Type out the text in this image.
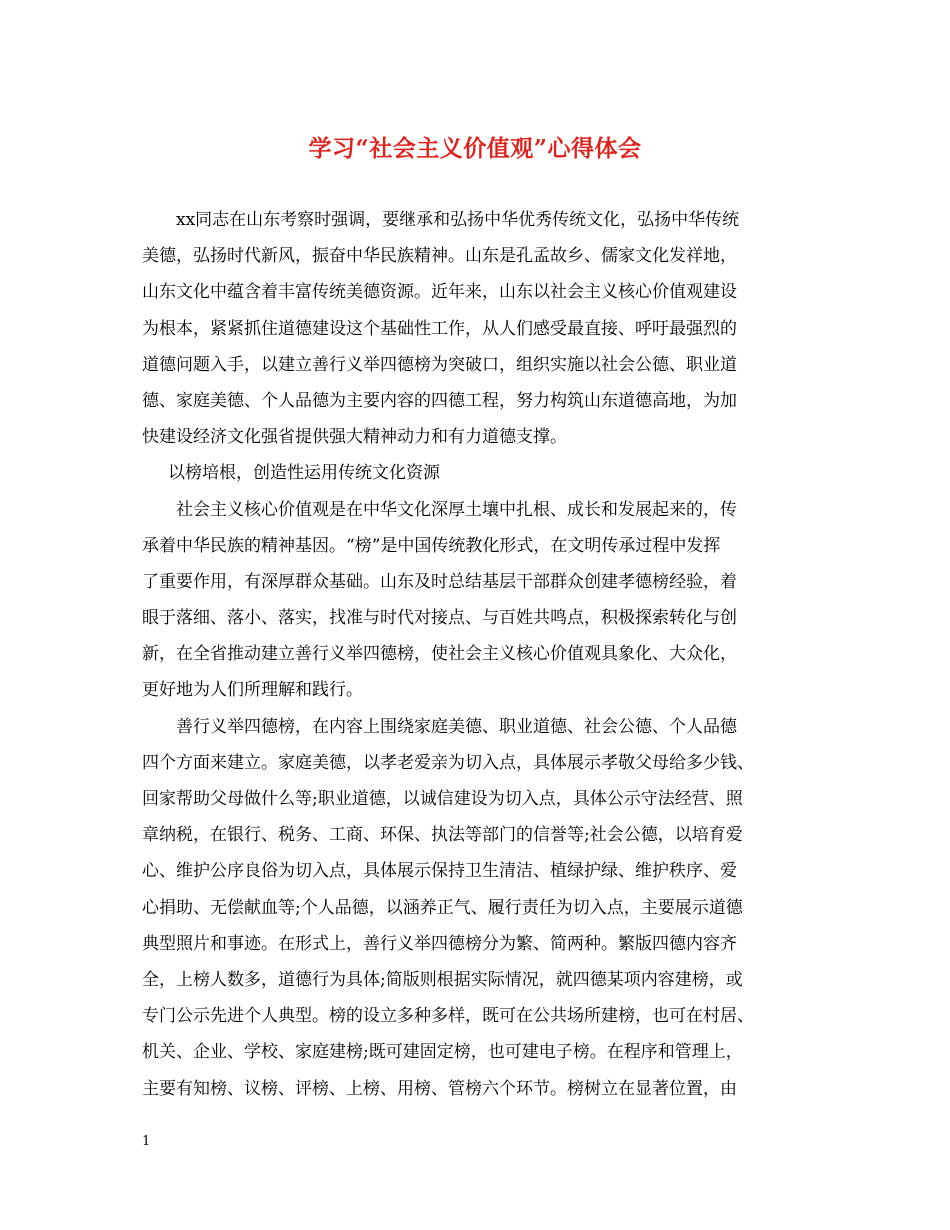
学习“社会主义价值观”心得体会
xx同志在山东考察时强调，要继承和弘扬中华优秀传统文化，弘扬中华传统
美德，弘扬时代新风，振奋中华民族精神。山东是孔孟故乡、儒家文化发祥地，
山东文化中蕴含着丰富传统美德资源。近年来，山东以社会主义核心价值观建设
为根本，紧紧抓住道德建设这个基础性工作，从人们感受最直接、呼吁最强烈的
道德问题入手，以建立善行义举四德榜为突破口，组织实施以社会公德、职业道
德、家庭美德、个人品德为主要内容的四德工程，努力构筑山东道德高地，为加
快建设经济文化强省提供强大精神动力和有力道德支撑。
以榜培根，创造性运用传统文化资源
社会主义核心价值观是在中华文化深厚土壤中扎根、成长和发展起来的，传
承着中华民族的精神基因。“榜”是中国传统教化形式，在文明传承过程中发挥
了重要作用，有深厚群众基础。山东及时总结基层干部群众创建孝德榜经验，着
眼于落细、落小、落实，找准与时代对接点、与百姓共鸣点，积极探索转化与创
新，在全省推动建立善行义举四德榜，使社会主义核心价值观具象化、大众化，
更好地为人们所理解和践行。
善行义举四德榜，在内容上围绕家庭美德、职业道德、社会公德、个人品德
四个方面来建立。家庭美德，以孝老爱亲为切入点，具体展示孝敬父母给多少钱、
回家帮助父母做什么等;职业道德，以诚信建设为切入点，具体公示守法经营、照
章纳税，在银行、税务、工商、环保、执法等部门的信誉等;社会公德，以培育爱
心、维护公序良俗为切入点，具体展示保持卫生清洁、植绿护绿、维护秩序、爱
心捐助、无偿献血等;个人品德，以涵养正气、履行责任为切入点，主要展示道德
典型照片和事迹。在形式上，善行义举四德榜分为繁、简两种。繁版四德内容齐
全，上榜人数多，道德行为具体;简版则根据实际情况，就四德某项内容建榜，或
专门公示先进个人典型。榜的设立多种多样，既可在公共场所建榜，也可在村居、
机关、企业、学校、家庭建榜;既可建固定榜，也可建电子榜。在程序和管理上，
主要有知榜、议榜、评榜、上榜、用榜、管榜六个环节。榜树立在显著位置，由
1
